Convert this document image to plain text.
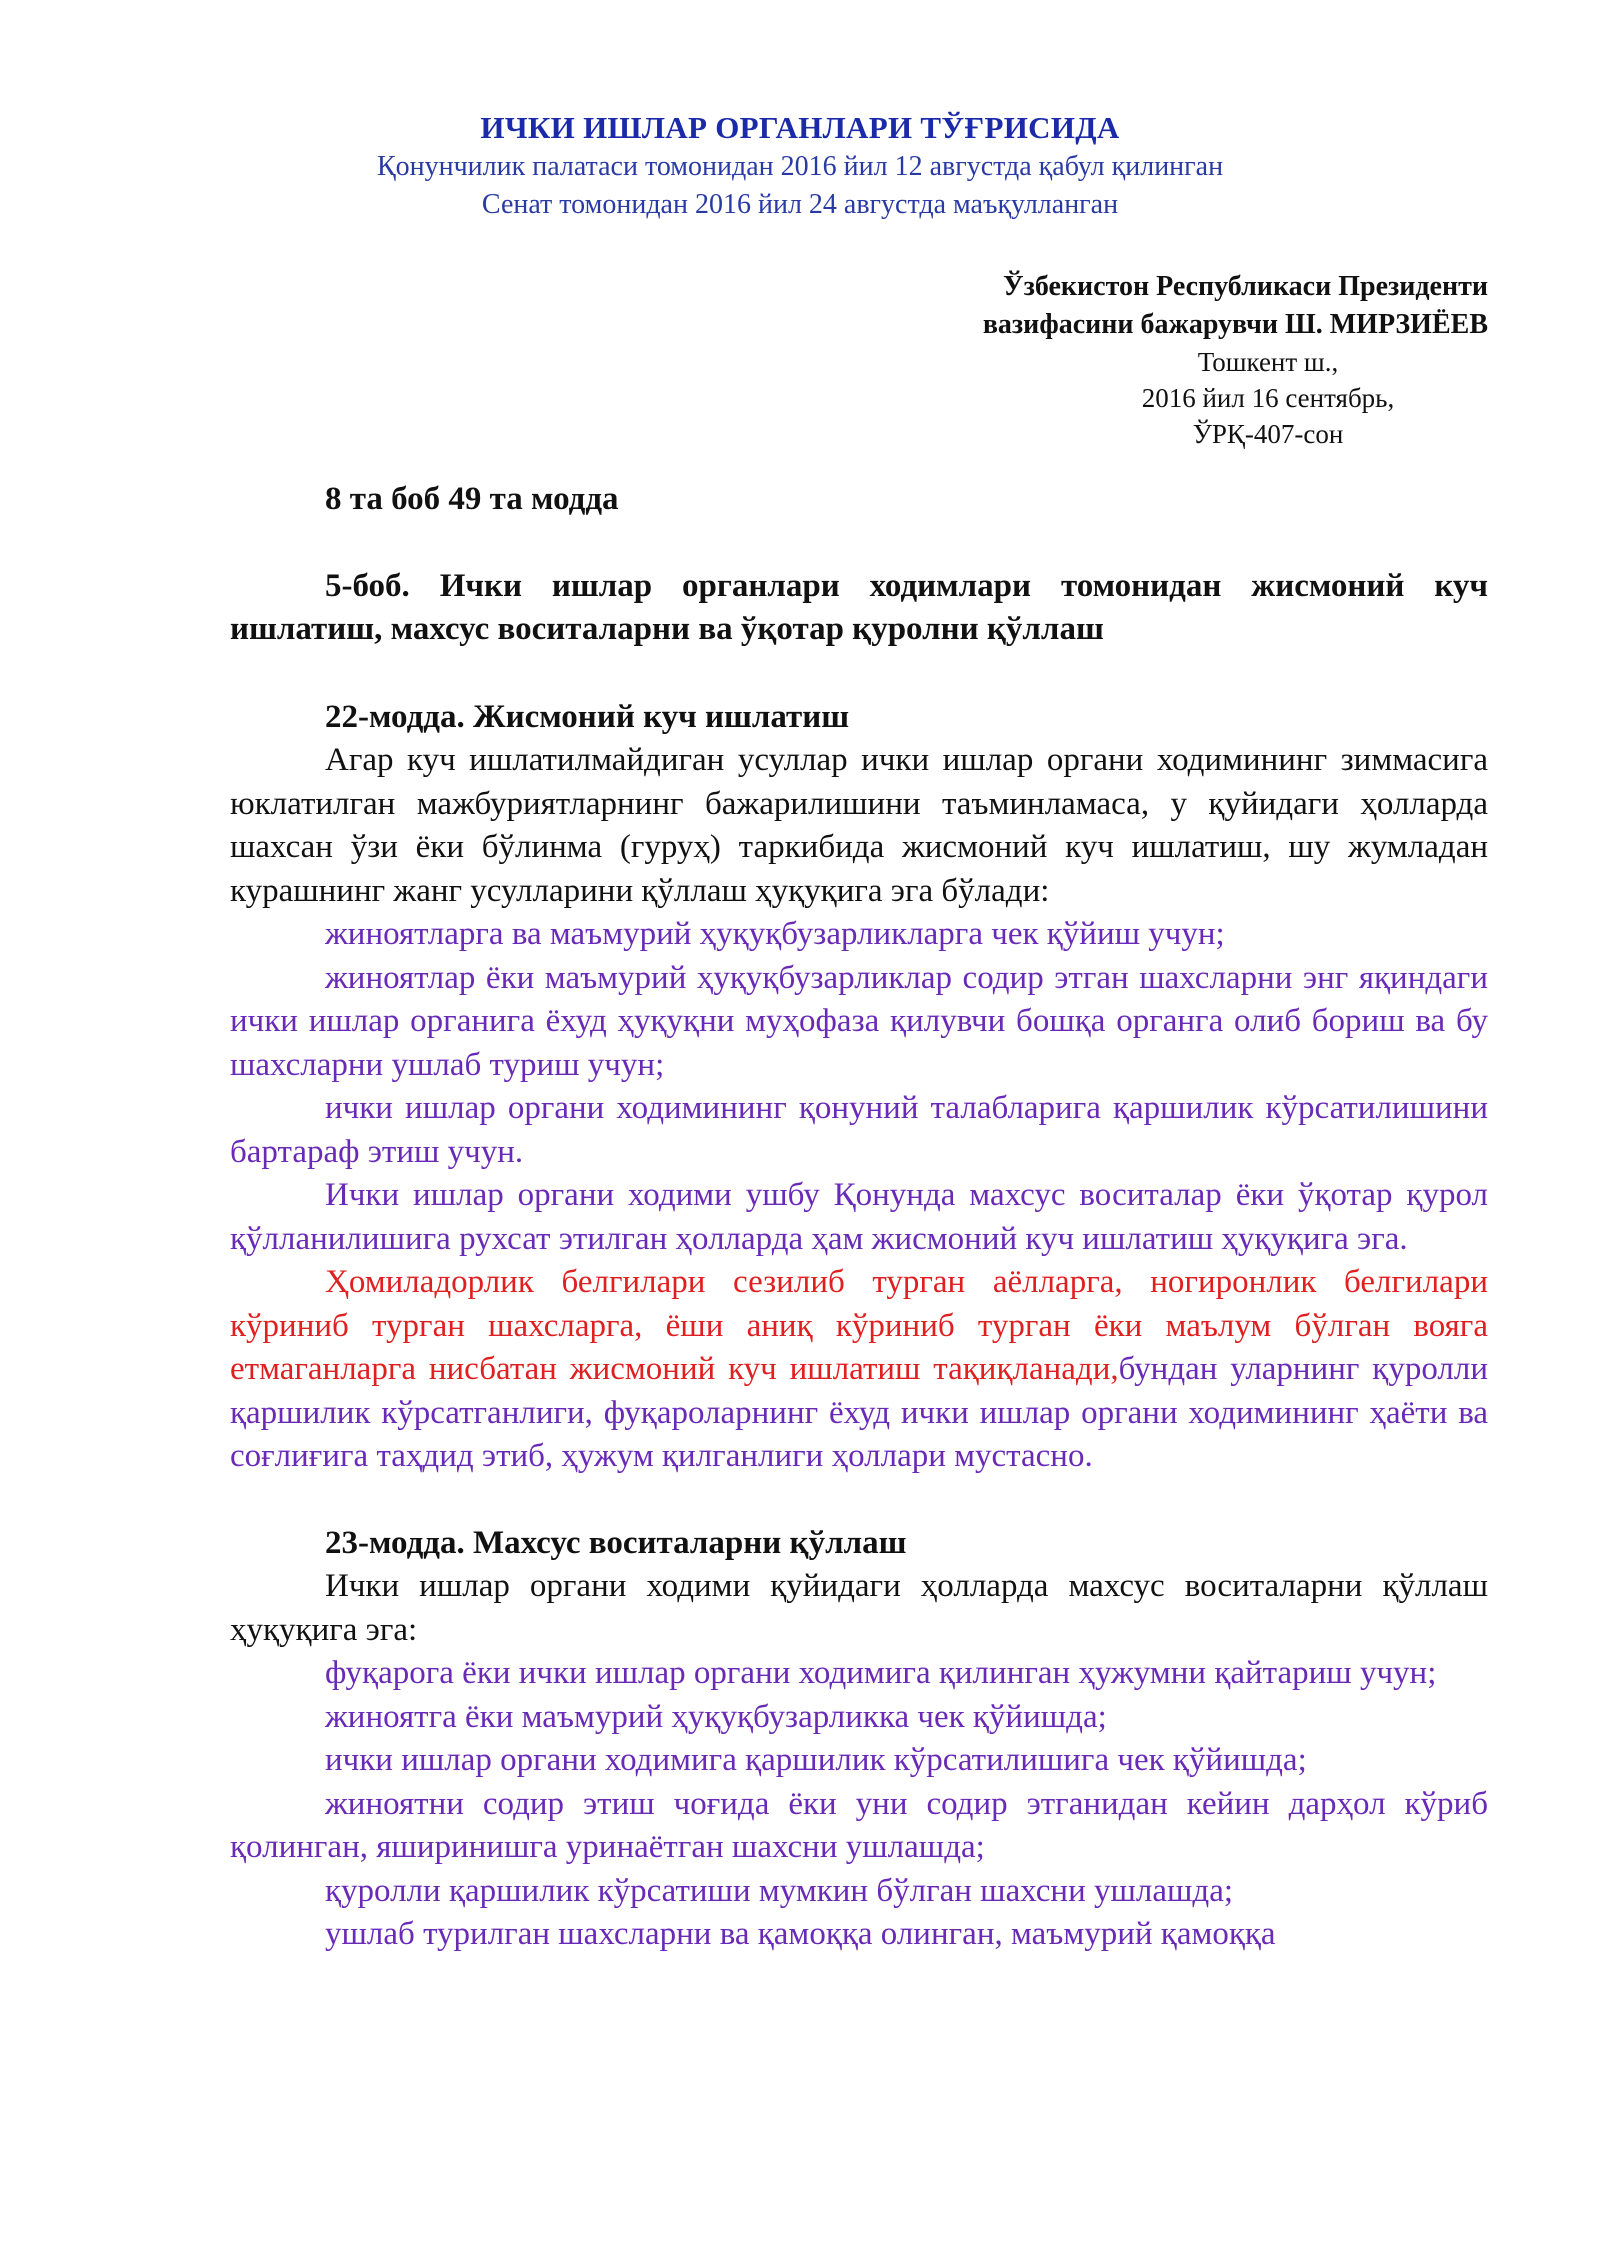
ИЧКИ ИШЛАР ОРГАНЛАРИ ТЎҒРИСИДА
Қонунчилик палатаси томонидан 2016 йил 12 августда қабул қилинган
Сенат томонидан 2016 йил 24 августда маъқулланган
Ўзбекистон Республикаси Президенти
вазифасини бажарувчи Ш. МИРЗИЁЕВ
Тошкент ш.,
2016 йил 16 сентябрь,
ЎРҚ-407-сон
8 та боб 49 та модда

5-боб. Ички ишлар органлари ходимлари томонидан жисмоний куч ишлатиш, махсус воситаларни ва ўқотар қуролни қўллаш

22-модда. Жисмоний куч ишлатиш

Агар куч ишлатилмайдиган усуллар ички ишлар органи ходимининг зиммасига юклатилган мажбуриятларнинг бажарилишини таъминламаса, у қуйидаги ҳолларда шахсан ўзи ёки бўлинма (гуруҳ) таркибида жисмоний куч ишлатиш, шу жумладан курашнинг жанг усулларини қўллаш ҳуқуқига эга бўлади:

жиноятларга ва маъмурий ҳуқуқбузарликларга чек қўйиш учун;

жиноятлар ёки маъмурий ҳуқуқбузарликлар содир этган шахсларни энг яқиндаги ички ишлар органига ёхуд ҳуқуқни муҳофаза қилувчи бошқа органга олиб бориш ва бу шахсларни ушлаб туриш учун;

ички ишлар органи ходимининг қонуний талабларига қаршилик кўрсатилишини бартараф этиш учун.

Ички ишлар органи ходими ушбу Қонунда махсус воситалар ёки ўқотар қурол қўлланилишига рухсат этилган ҳолларда ҳам жисмоний куч ишлатиш ҳуқуқига эга.

Ҳомиладорлик белгилари сезилиб турган аёлларга, ногиронлик белгилари кўриниб турган шахсларга, ёши аниқ кўриниб турган ёки маълум бўлган вояга етмаганларга нисбатан жисмоний куч ишлатиш тақиқланади,бундан уларнинг қуролли қаршилик кўрсатганлиги, фуқароларнинг ёхуд ички ишлар органи ходимининг ҳаёти ва соғлиғига таҳдид этиб, ҳужум қилганлиги ҳоллари мустасно.

23-модда. Махсус воситаларни қўллаш

Ички ишлар органи ходими қуйидаги ҳолларда махсус воситаларни қўллаш ҳуқуқига эга:

фуқарога ёки ички ишлар органи ходимига қилинган ҳужумни қайтариш учун;

жиноятга ёки маъмурий ҳуқуқбузарликка чек қўйишда;

ички ишлар органи ходимига қаршилик кўрсатилишига чек қўйишда;

жиноятни содир этиш чоғида ёки уни содир этганидан кейин дарҳол кўриб қолинган, яширинишга уринаётган шахсни ушлашда;

қуролли қаршилик кўрсатиши мумкин бўлган шахсни ушлашда;

ушлаб турилган шахсларни ва қамоққа олинган, маъмурий қамоққа
